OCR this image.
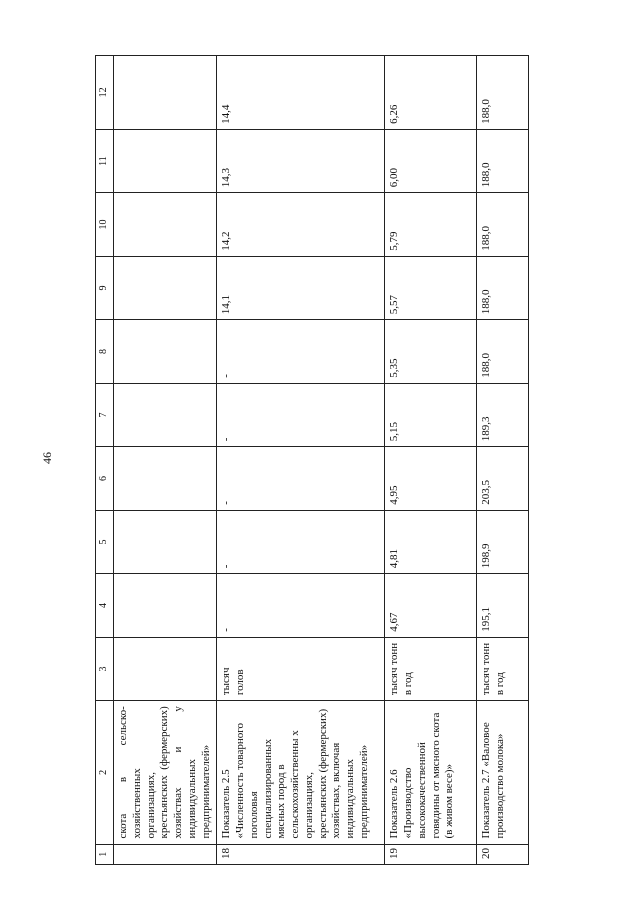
46
1	2	3	4	5	6	7	8	9	10	11	12
	скота в сельско-хозяйственных организациях, крестьянских (фермерских) хозяйствах и у индивидуальных предпринимателей»										
18	Показатель 2.5 «Численность товарного поголовья специализированных мясных пород в сельскохозяйственны х организациях, крестьянских (фермерских) хозяйствах, включая индивидуальных предпринимателей»	тысяч голов	-	-	-	-	-	14,1	14,2	14,3	14,4
19	Показатель 2.6 «Производство высококачественной говядины от мясного скота (в живом весе)»	тысяч тонн в год	4,67	4,81	4,95	5,15	5,35	5,57	5,79	6,00	6,26
20	Показатель 2.7 «Валовое производство молока»	тысяч тонн в год	195,1	198,9	203,5	189,3	188,0	188,0	188,0	188,0	188,0
